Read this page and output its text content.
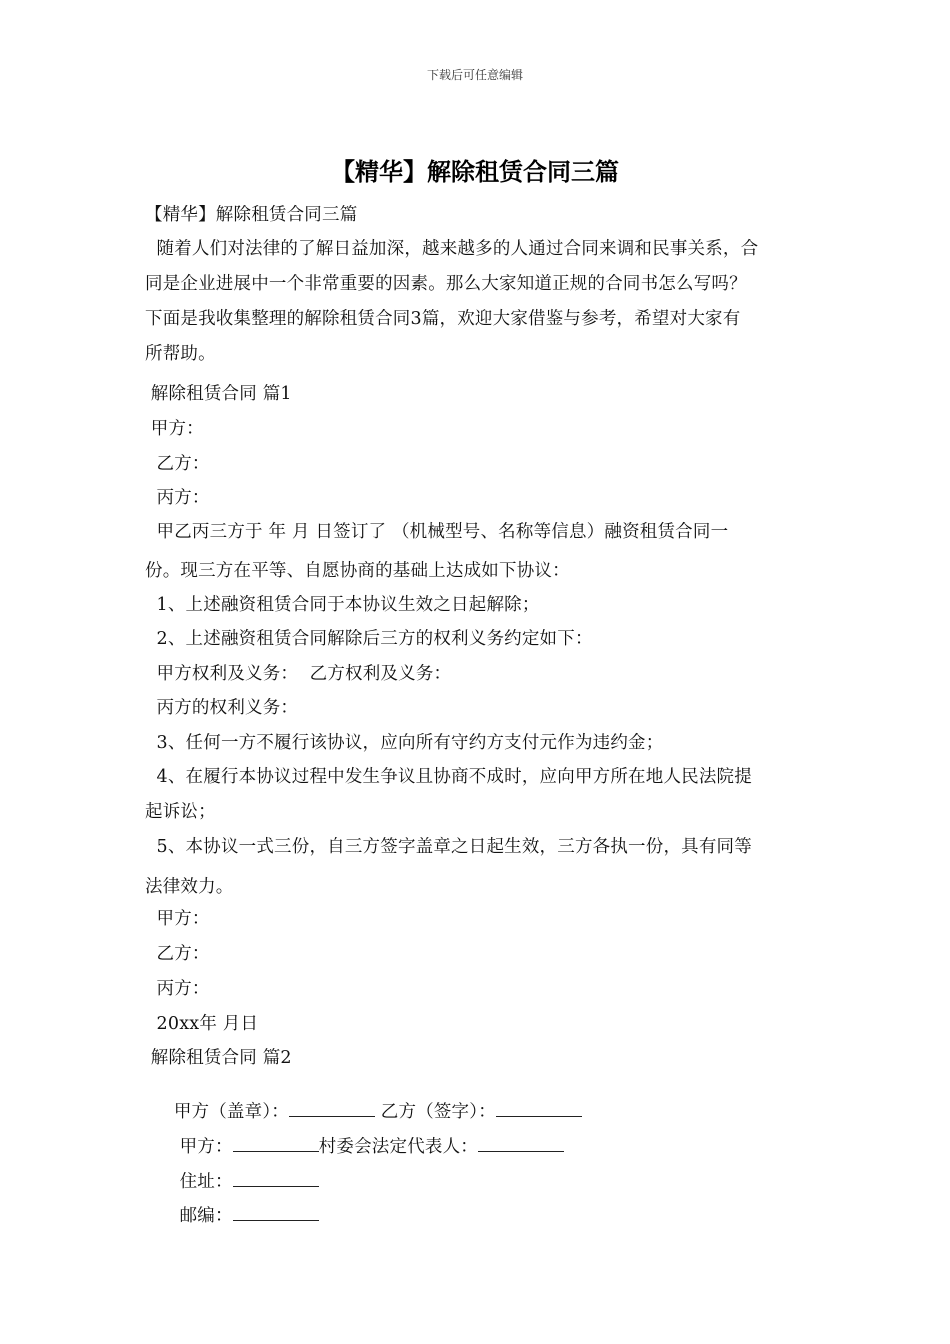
下载后可任意编辑
【精华】解除租赁合同三篇
【精华】解除租赁合同三篇
随着人们对法律的了解日益加深，越来越多的人通过合同来调和民事关系，合
同是企业进展中一个非常重要的因素。那么大家知道正规的合同书怎么写吗？
下面是我收集整理的解除租赁合同3篇，欢迎大家借鉴与参考，希望对大家有
所帮助。
解除租赁合同 篇1
甲方：
乙方：
丙方：
甲乙丙三方于 年 月 日签订了 （机械型号、名称等信息）融资租赁合同一
份。现三方在平等、自愿协商的基础上达成如下协议：
1、上述融资租赁合同于本协议生效之日起解除；
2、上述融资租赁合同解除后三方的权利义务约定如下：
甲方权利及义务：  乙方权利及义务：
丙方的权利义务：
3、任何一方不履行该协议，应向所有守约方支付元作为违约金；
4、在履行本协议过程中发生争议且协商不成时，应向甲方所在地人民法院提
起诉讼；
5、本协议一式三份，自三方签字盖章之日起生效，三方各执一份，具有同等
法律效力。
甲方：
乙方：
丙方：
20xx年 月日
解除租赁合同 篇2

甲方（盖章）：	乙方（签字）：

甲方：	村委会法定代表人：

住址：

邮编：
